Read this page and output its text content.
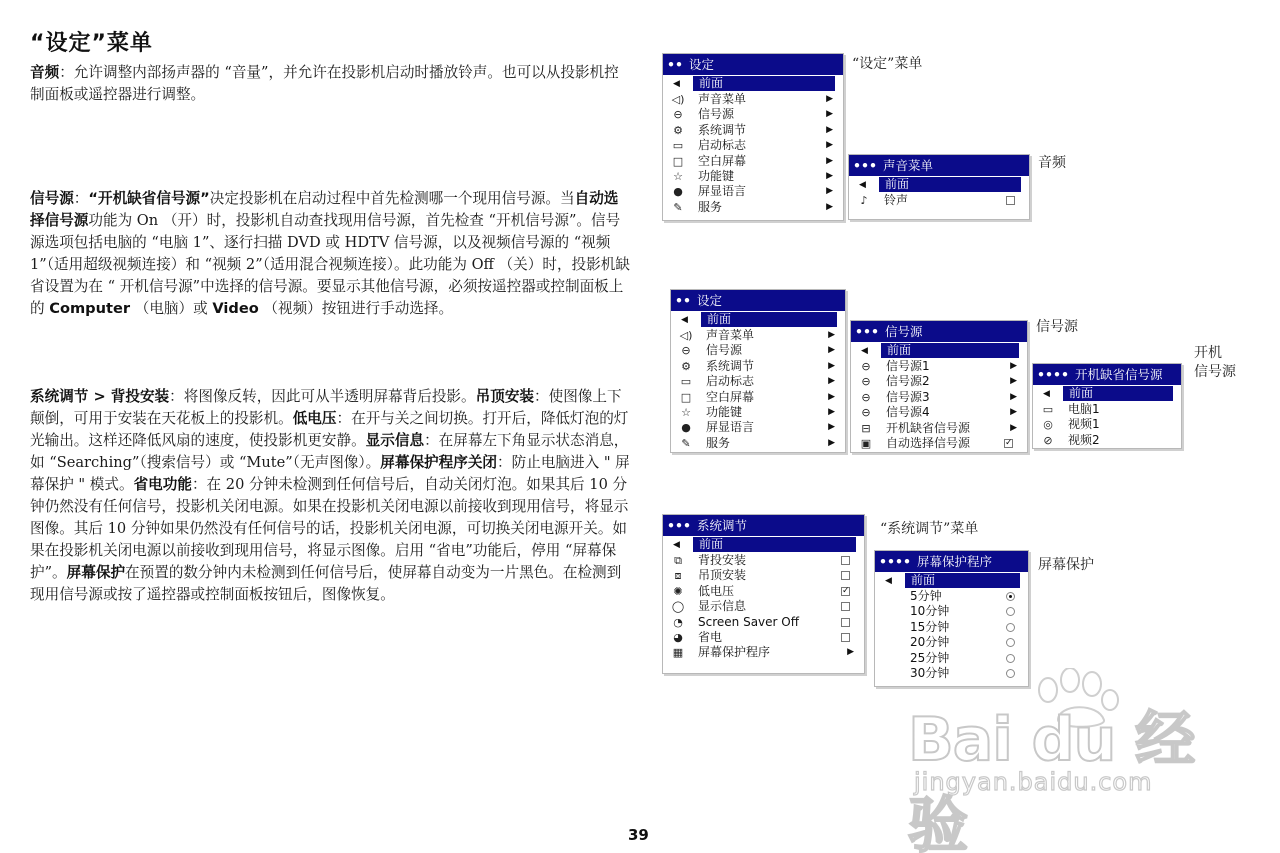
“设定”菜单
音频：允许调整内部扬声器的 “音量”，并允许在投影机启动时播放铃声。也可以从投影机控制面板或遥控器进行调整。
信号源：“开机缺省信号源”决定投影机在启动过程中首先检测哪一个现用信号源。当自动选择信号源功能为 On （开）时，投影机自动查找现用信号源，首先检查 “开机信号源”。信号源选项包括电脑的 “电脑 1”、逐行扫描 DVD 或 HDTV 信号源，以及视频信号源的 “视频 1”（适用超级视频连接）和 “视频 2”（适用混合视频连接）。此功能为 Off （关）时，投影机缺省设置为在 “ 开机信号源”中选择的信号源。要显示其他信号源，必须按遥控器或控制面板上的 Computer （电脑）或 Video （视频）按钮进行手动选择。
系统调节 > 背投安装：将图像反转，因此可从半透明屏幕背后投影。吊顶安装：使图像上下颠倒，可用于安装在天花板上的投影机。低电压：在开与关之间切换。打开后，降低灯泡的灯光输出。这样还降低风扇的速度，使投影机更安静。显示信息：在屏幕左下角显示状态消息，如 “Searching”（搜索信号）或 “Mute”（无声图像）。屏幕保护程序关闭：防止电脑进入 " 屏幕保护 " 模式。省电功能：在 20 分钟未检测到任何信号后，自动关闭灯泡。如果其后 10 分钟仍然没有任何信号，投影机关闭电源。如果在投影机关闭电源以前接收到现用信号，将显示图像。其后 10 分钟如果仍然没有任何信号的话，投影机关闭电源，可切换关闭电源开关。如果在投影机关闭电源以前接收到现用信号，将显示图像。启用 “省电”功能后，停用 “屏幕保护”。屏幕保护在预置的数分钟内未检测到任何信号后，使屏幕自动变为一片黑色。在检测到现用信号源或按了遥控器或控制面板按钮后，图像恢复。
“设定”菜单
音频
信号源
开机
信号源
“系统调节”菜单
屏幕保护
•• 设定
◀	前面
◁) 声音菜单	▶
⊖ 信号源	▶
⚙ 系统调节	▶
▭ 启动标志	▶
□ 空白屏幕	▶
☆ 功能键	▶
● 屏显语言	▶
✎ 服务	▶
••• 声音菜单
◀	前面
♪	铃声
•• 设定
◀	前面
◁) 声音菜单	▶
⊖ 信号源	▶
⚙ 系统调节	▶
▭ 启动标志	▶
□ 空白屏幕	▶
☆ 功能键	▶
● 屏显语言	▶
✎ 服务	▶
••• 信号源
◀	前面
⊖ 信号源1	▶
⊖ 信号源2	▶
⊖ 信号源3	▶
⊖ 信号源4	▶
⊟ 开机缺省信号源	▶
▣ 自动选择信号源	✓
•••• 开机缺省信号源
◀	前面
▭ 电脑1
◎ 视频1
⊘ 视频2
••• 系统调节
◀	前面
⧉	背投安装
⧈	吊顶安装
✺ 低电压	✓
◯ 显示信息
◔ Screen Saver Off
◕ 省电
▦ 屏幕保护程序	▶
•••• 屏幕保护程序
◀	前面
5分钟
10分钟
15分钟
20分钟
25分钟
30分钟
39
Bai du 经验
jingyan.baidu.com
